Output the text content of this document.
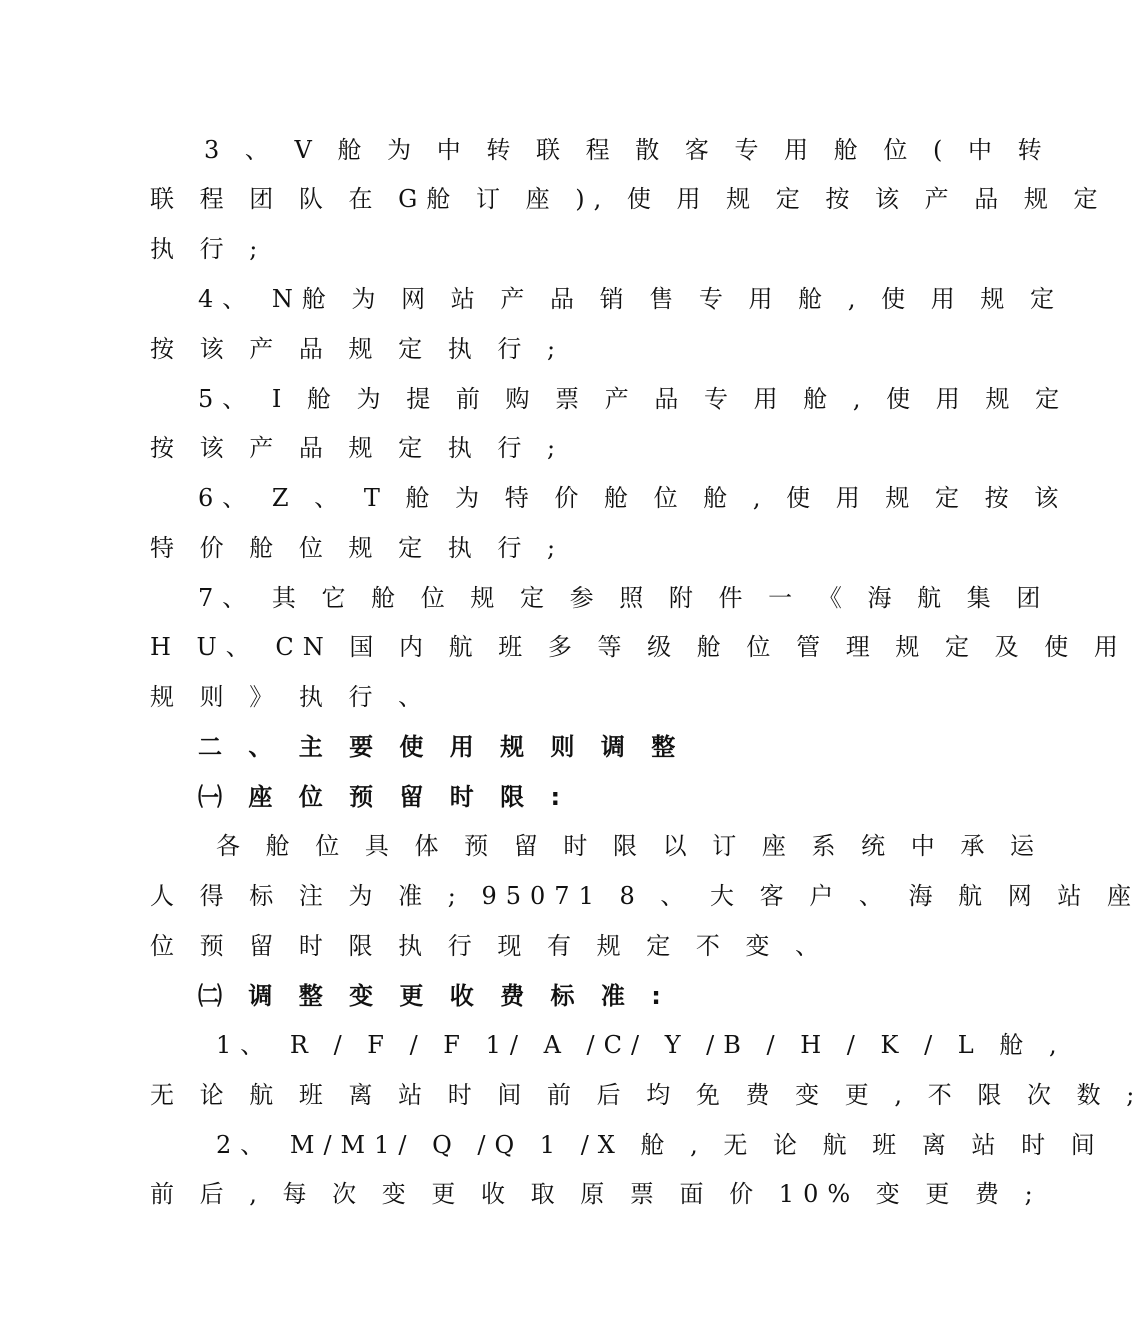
3 、 V 舱 为 中 转 联 程 散 客 专 用 舱 位 ( 中 转
联 程 团 队 在 G舱 订 座 ), 使 用 规 定 按 该 产 品 规 定
执 行 ;
4、 N舱 为 网 站 产 品 销 售 专 用 舱 , 使 用 规 定
按 该 产 品 规 定 执 行 ;
5、 I 舱 为 提 前 购 票 产 品 专 用 舱 , 使 用 规 定
按 该 产 品 规 定 执 行 ;
6、 Z 、 T 舱 为 特 价 舱 位 舱 , 使 用 规 定 按 该
特 价 舱 位 规 定 执 行 ;
7、 其 它 舱 位 规 定 参 照 附 件 一 《 海 航 集 团
H U、 CN 国 内 航 班 多 等 级 舱 位 管 理 规 定 及 使 用
规 则 》 执 行 、
二 、 主 要 使 用 规 则 调 整
㈠ 座 位 预 留 时 限 :
各 舱 位 具 体 预 留 时 限 以 订 座 系 统 中 承 运
人 得 标 注 为 准 ; 95071 8 、 大 客 户 、 海 航 网 站 座
位 预 留 时 限 执 行 现 有 规 定 不 变 、
㈡ 调 整 变 更 收 费 标 准 :
1、 R / F / F 1/ A /C/ Y /B / H / K / L 舱 ,
无 论 航 班 离 站 时 间 前 后 均 免 费 变 更 , 不 限 次 数 ;
2、 M/M1/ Q /Q 1 /X 舱 , 无 论 航 班 离 站 时 间
前 后 , 每 次 变 更 收 取 原 票 面 价 10% 变 更 费 ;
